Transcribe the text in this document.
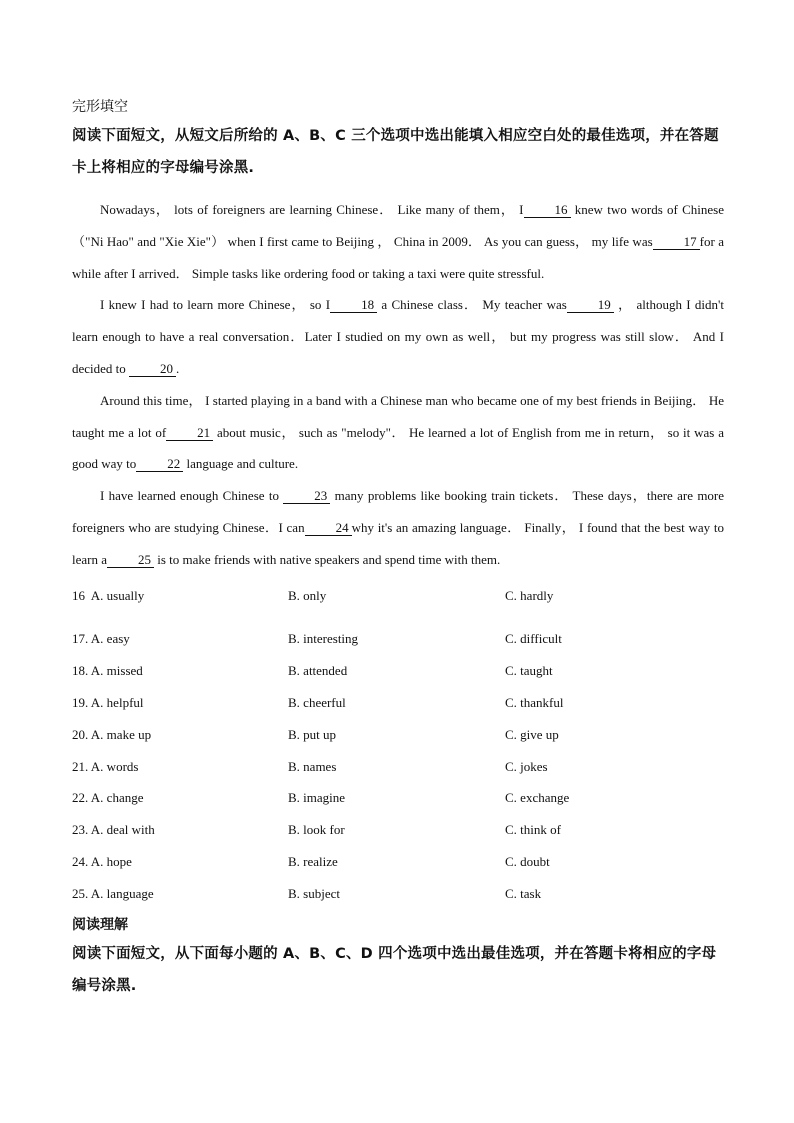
完形填空

阅读下面短文，从短文后所给的 A、B、C 三个选项中选出能填入相应空白处的最佳选项，并在答题卡上将相应的字母编号涂黑.

Nowadays， lots of foreigners are learning Chinese． Like many of them， I 16 knew two words of Chinese （"Ni Hao" and "Xie Xie"） when I first came to Beijing ， China in 2009． As you can guess， my life was 17 for a while after I arrived． Simple tasks like ordering food or taking a taxi were quite stressful.

I knew I had to learn more Chinese， so I 18 a Chinese class． My teacher was 19 ， although I didn't learn enough to have a real conversation．Later I studied on my own as well， but my progress was still slow． And I decided to	20 .

Around this time， I started playing in a band with a Chinese man who became one of my best friends in Beijing． He taught me a lot of 21 about music， such as "melody"． He learned a lot of English from me in return， so it was a good way to 22 language and culture.

I have learned enough Chinese to	23 many problems like booking train tickets． These days，there are more foreigners who are studying Chinese．I can 24 why it's an amazing language． Finally， I found that the best way to learn a 25 is to make friends with native speakers and spend time with them.

16 A. usually	B. only	C. hardly
17. A. easy	B. interesting	C. difficult
18. A. missed	B. attended	C. taught
19. A. helpful	B. cheerful	C. thankful
20. A. make up	B. put up	C. give up
21. A. words	B. names	C. jokes
22. A. change	B. imagine	C. exchange
23. A. deal with	B. look for	C. think of
24. A. hope	B. realize	C. doubt
25. A. language	B. subject	C. task

阅读理解

阅读下面短文，从下面每小题的 A、B、C、D 四个选项中选出最佳选项，并在答题卡将相应的字母编号涂黑.
